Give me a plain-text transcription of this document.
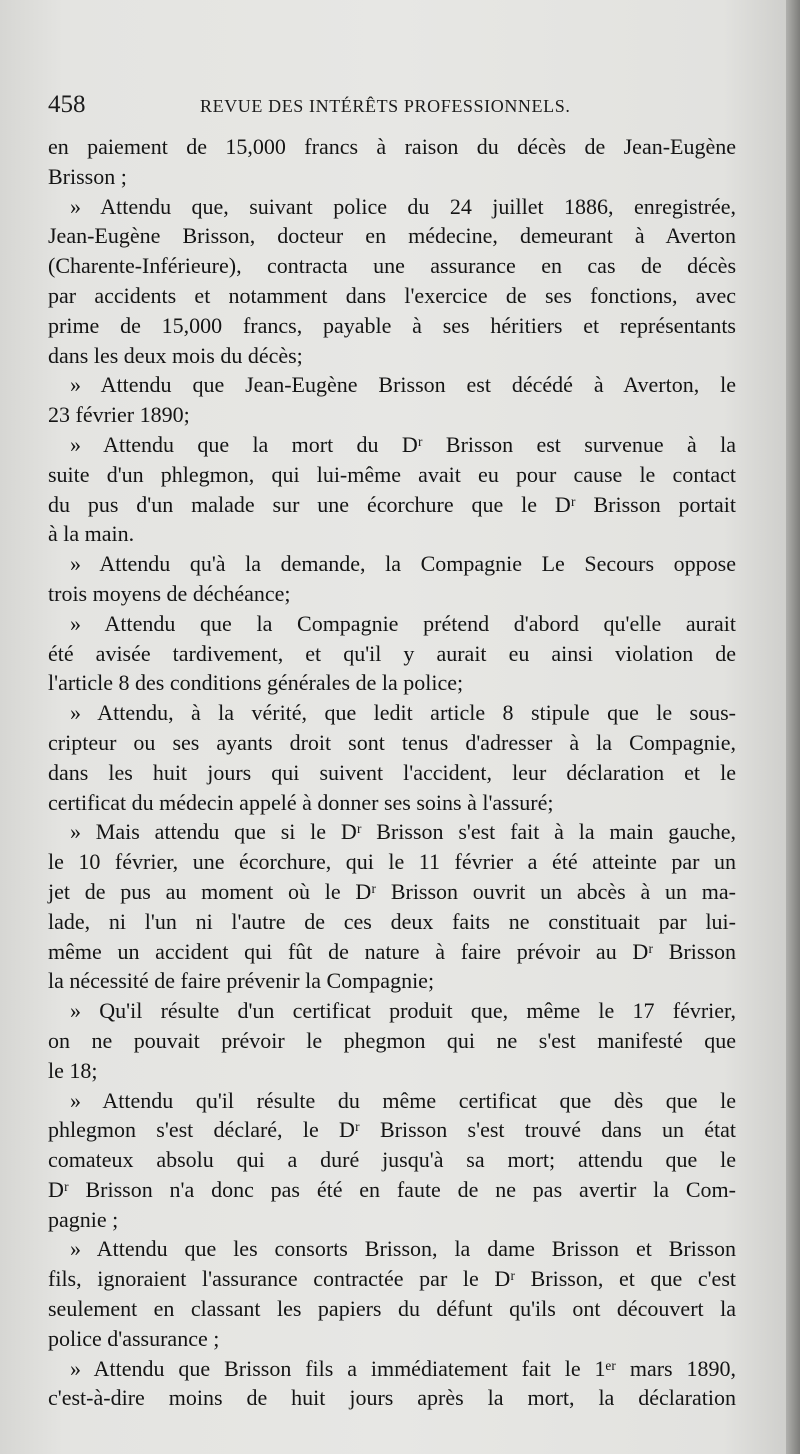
458	REVUE DES INTÉRÊTS PROFESSIONNELS.
en paiement de 15,000 francs à raison du décès de Jean-Eugène
Brisson ;
» Attendu que, suivant police du 24 juillet 1886, enregistrée,
Jean-Eugène Brisson, docteur en médecine, demeurant à Averton
(Charente-Inférieure), contracta une assurance en cas de décès
par accidents et notamment dans l'exercice de ses fonctions, avec
prime de 15,000 francs, payable à ses héritiers et représentants
dans les deux mois du décès;
» Attendu que Jean-Eugène Brisson est décédé à Averton, le
23 février 1890;
» Attendu que la mort du Dʳ Brisson est survenue à la
suite d'un phlegmon, qui lui-même avait eu pour cause le contact
du pus d'un malade sur une écorchure que le Dʳ Brisson portait
à la main.
» Attendu qu'à la demande, la Compagnie Le Secours oppose
trois moyens de déchéance;
» Attendu que la Compagnie prétend d'abord qu'elle aurait
été avisée tardivement, et qu'il y aurait eu ainsi violation de
l'article 8 des conditions générales de la police;
» Attendu, à la vérité, que ledit article 8 stipule que le sous-
cripteur ou ses ayants droit sont tenus d'adresser à la Compagnie,
dans les huit jours qui suivent l'accident, leur déclaration et le
certificat du médecin appelé à donner ses soins à l'assuré;
» Mais attendu que si le Dʳ Brisson s'est fait à la main gauche,
le 10 février, une écorchure, qui le 11 février a été atteinte par un
jet de pus au moment où le Dʳ Brisson ouvrit un abcès à un ma-
lade, ni l'un ni l'autre de ces deux faits ne constituait par lui-
même un accident qui fût de nature à faire prévoir au Dʳ Brisson
la nécessité de faire prévenir la Compagnie;
» Qu'il résulte d'un certificat produit que, même le 17 février,
on ne pouvait prévoir le phegmon qui ne s'est manifesté que
le 18;
» Attendu qu'il résulte du même certificat que dès que le
phlegmon s'est déclaré, le Dʳ Brisson s'est trouvé dans un état
comateux absolu qui a duré jusqu'à sa mort; attendu que le
Dʳ Brisson n'a donc pas été en faute de ne pas avertir la Com-
pagnie ;
» Attendu que les consorts Brisson, la dame Brisson et Brisson
fils, ignoraient l'assurance contractée par le Dʳ Brisson, et que c'est
seulement en classant les papiers du défunt qu'ils ont découvert la
police d'assurance ;
» Attendu que Brisson fils a immédiatement fait le 1ᵉʳ mars 1890,
c'est-à-dire moins de huit jours après la mort, la déclaration
